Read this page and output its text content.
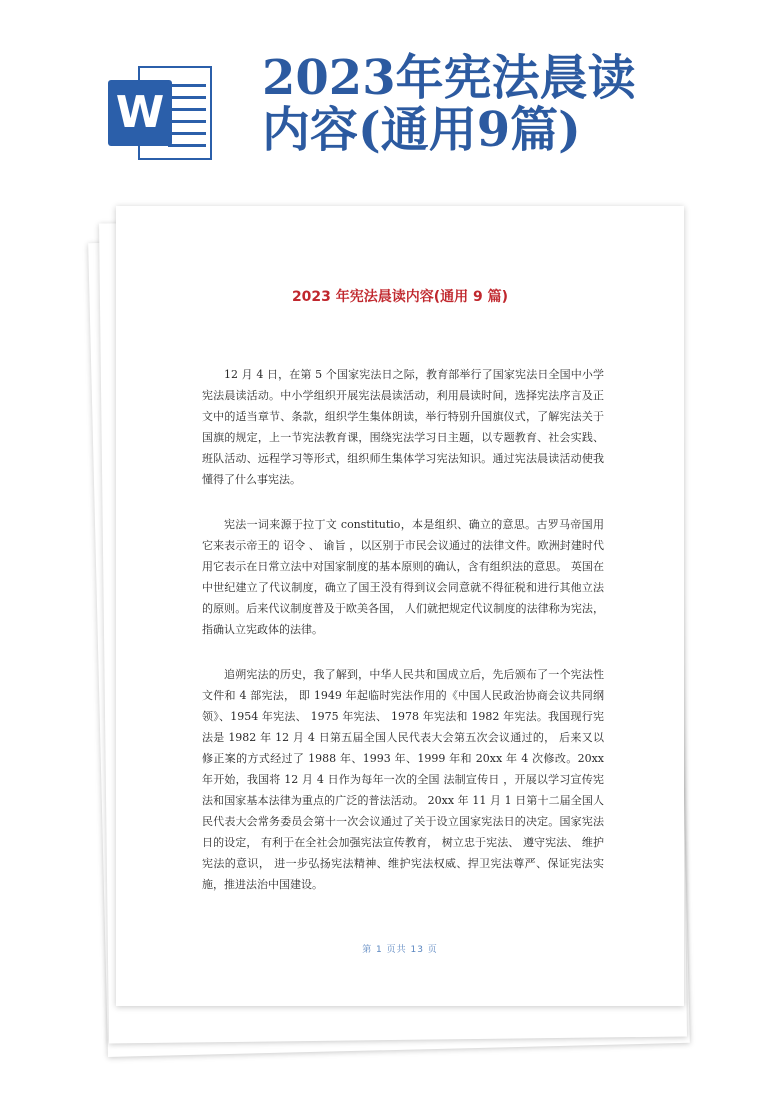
W
2023年宪法晨读内容(通用9篇)
2023 年宪法晨读内容(通用 9 篇)

12 月 4 日，在第 5 个国家宪法日之际，教育部举行了国家宪法日全国中小学宪法晨读活动。中小学组织开展宪法晨读活动，利用晨读时间，选择宪法序言及正文中的适当章节、条款，组织学生集体朗读，举行特别升国旗仪式，了解宪法关于国旗的规定，上一节宪法教育课，围绕宪法学习日主题，以专题教育、社会实践、班队活动、远程学习等形式，组织师生集体学习宪法知识。通过宪法晨读活动使我懂得了什么事宪法。

宪法一词来源于拉丁文 constitutio，本是组织、确立的意思。古罗马帝国用它来表示帝王的 诏令 、 谕旨 ，以区别于市民会议通过的法律文件。欧洲封建时代用它表示在日常立法中对国家制度的基本原则的确认，含有组织法的意思。 英国在中世纪建立了代议制度，确立了国王没有得到议会同意就不得征税和进行其他立法的原则。后来代议制度普及于欧美各国， 人们就把规定代议制度的法律称为宪法， 指确认立宪政体的法律。

追朔宪法的历史，我了解到，中华人民共和国成立后，先后颁布了一个宪法性文件和 4 部宪法， 即 1949 年起临时宪法作用的《中国人民政治协商会议共同纲领》、1954 年宪法、 1975 年宪法、 1978 年宪法和 1982 年宪法。我国现行宪法是 1982 年 12 月 4 日第五届全国人民代表大会第五次会议通过的， 后来又以修正案的方式经过了 1988 年、1993 年、1999 年和 20xx 年 4 次修改。20xx 年开始，我国将 12 月 4 日作为每年一次的全国 法制宣传日 ，开展以学习宣传宪法和国家基本法律为重点的广泛的普法活动。 20xx 年 11 月 1 日第十二届全国人民代表大会常务委员会第十一次会议通过了关于设立国家宪法日的决定。国家宪法日的设定， 有利于在全社会加强宪法宣传教育， 树立忠于宪法、 遵守宪法、 维护宪法的意识， 进一步弘扬宪法精神、维护宪法权威、捍卫宪法尊严、保证宪法实施，推进法治中国建设。

第 1 页共 13 页
